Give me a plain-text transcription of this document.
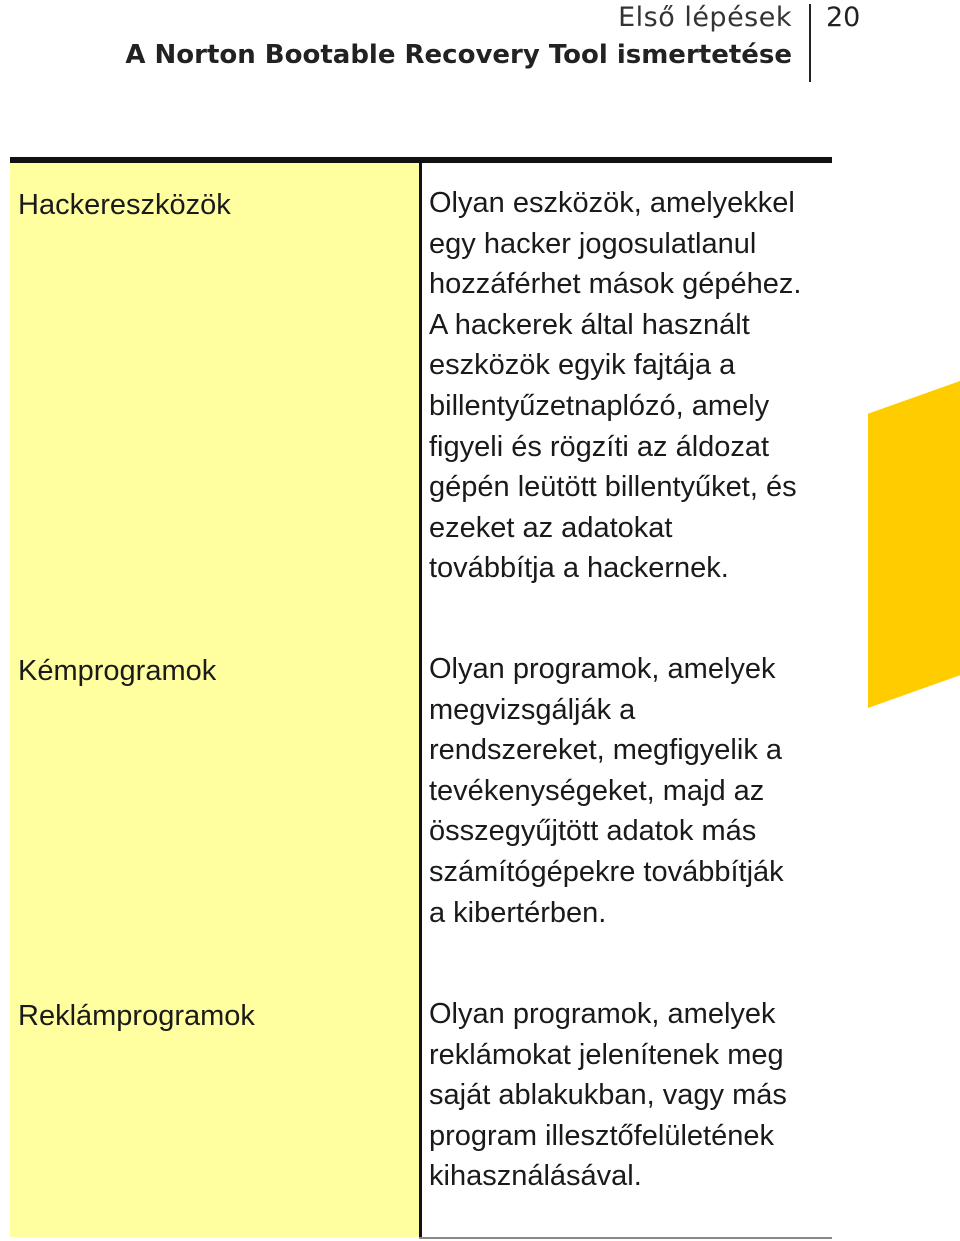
Első lépések
A Norton Bootable Recovery Tool ismertetése
20
Hackereszközök	Olyan eszközök, amelyekkel
egy hacker jogosulatlanul
hozzáférhet mások gépéhez.
A hackerek által használt
eszközök egyik fajtája a
billentyűzetnaplózó, amely
figyeli és rögzíti az áldozat
gépén leütött billentyűket, és
ezeket az adatokat
továbbítja a hackernek.
Kémprogramok	Olyan programok, amelyek
megvizsgálják a
rendszereket, megfigyelik a
tevékenységeket, majd az
összegyűjtött adatok más
számítógépekre továbbítják
a kibertérben.
Reklámprogramok	Olyan programok, amelyek
reklámokat jelenítenek meg
saját ablakukban, vagy más
program illesztőfelületének
kihasználásával.
